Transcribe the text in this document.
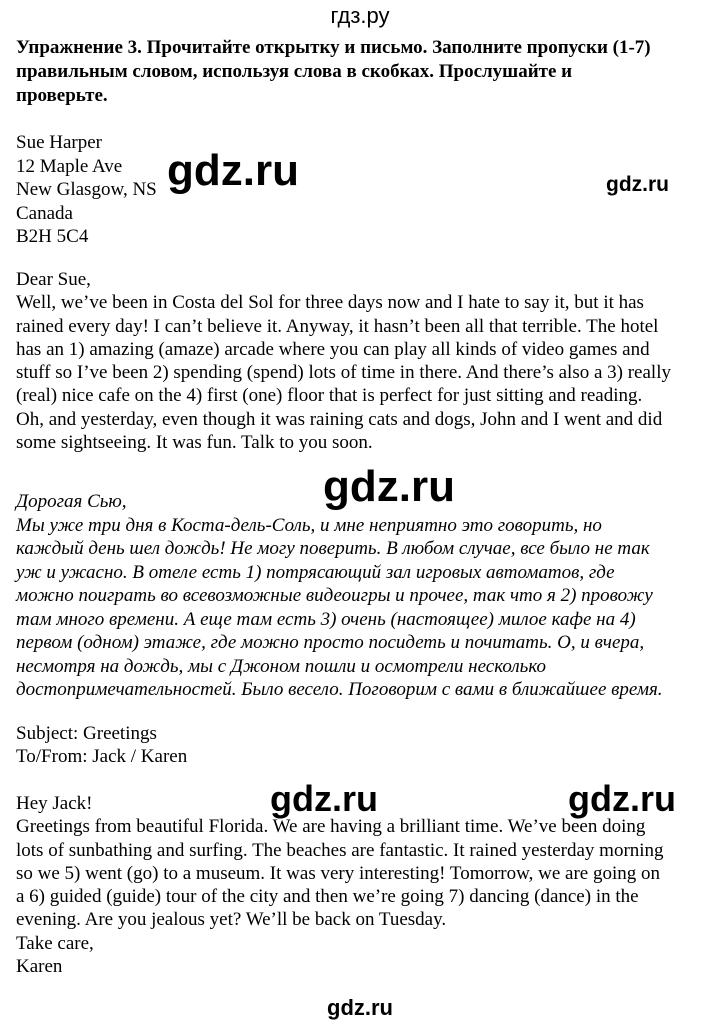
гдз.ру
Упражнение 3. Прочитайте открытку и письмо. Заполните пропуски (1-7)
правильным словом, используя слова в скобках. Прослушайте и
проверьте.
Sue Harper
12 Maple Ave
New Glasgow, NS
Canada
B2H 5C4
Dear Sue,
Well, we’ve been in Costa del Sol for three days now and I hate to say it, but it has
rained every day! I can’t believe it. Anyway, it hasn’t been all that terrible. The hotel
has an 1) amazing (amaze) arcade where you can play all kinds of video games and
stuff so I’ve been 2) spending (spend) lots of time in there. And there’s also a 3) really
(real) nice cafe on the 4) first (one) floor that is perfect for just sitting and reading.
Oh, and yesterday, even though it was raining cats and dogs, John and I went and did
some sightseeing. It was fun. Talk to you soon.
Дорогая Сью,
Мы уже три дня в Коста-дель-Соль, и мне неприятно это говорить, но
каждый день шел дождь! Не могу поверить. В любом случае, все было не так
уж и ужасно. В отеле есть 1) потрясающий зал игровых автоматов, где
можно поиграть во всевозможные видеоигры и прочее, так что я 2) провожу
там много времени. А еще там есть 3) очень (настоящее) милое кафе на 4)
первом (одном) этаже, где можно просто посидеть и почитать. О, и вчера,
несмотря на дождь, мы с Джоном пошли и осмотрели несколько
достопримечательностей. Было весело. Поговорим с вами в ближайшее время.
Subject: Greetings
To/From: Jack / Karen
Hey Jack!
Greetings from beautiful Florida. We are having a brilliant time. We’ve been doing
lots of sunbathing and surfing. The beaches are fantastic. It rained yesterday morning
so we 5) went (go) to a museum. It was very interesting! Tomorrow, we are going on
a 6) guided (guide) tour of the city and then we’re going 7) dancing (dance) in the
evening. Are you jealous yet? We’ll be back on Tuesday.
Take care,
Karen
gdz.ru	gdz.ru
gdz.ru
gdz.ru	gdz.ru
gdz.ru
